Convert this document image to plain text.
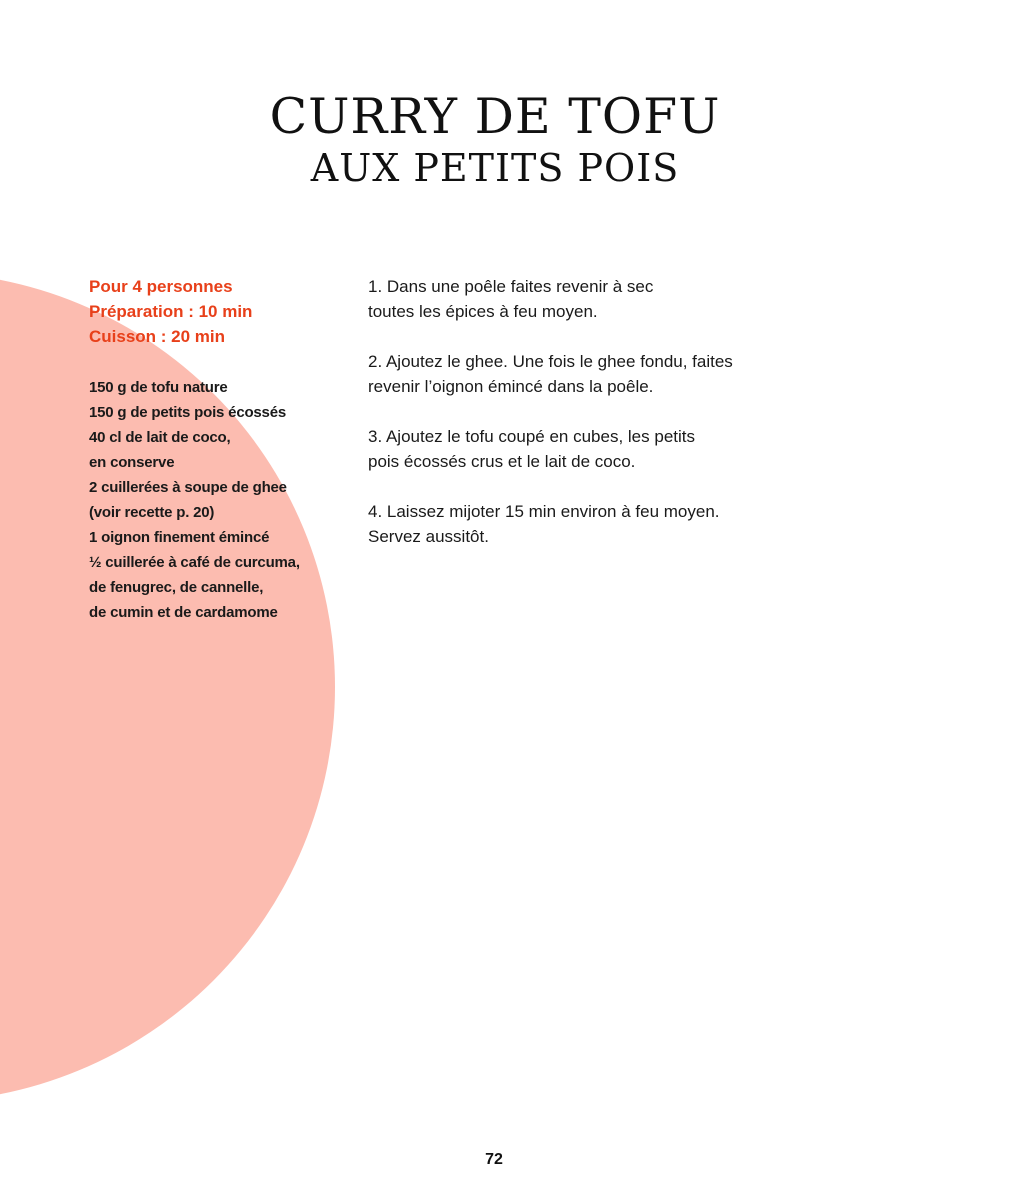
CURRY DE TOFU
AUX PETITS POIS
Pour 4 personnes
Préparation : 10 min
Cuisson : 20 min
150 g de tofu nature
150 g de petits pois écossés
40 cl de lait de coco,
en conserve
2 cuillerées à soupe de ghee
(voir recette p. 20)
1 oignon finement émincé
½ cuillerée à café de curcuma,
de fenugrec, de cannelle,
de cumin et de cardamome

1. Dans une poêle faites revenir à sec
toutes les épices à feu moyen.

2. Ajoutez le ghee. Une fois le ghee fondu, faites
revenir l’oignon émincé dans la poêle.

3. Ajoutez le tofu coupé en cubes, les petits
pois écossés crus et le lait de coco.

4. Laissez mijoter 15 min environ à feu moyen.
Servez aussitôt.

72
